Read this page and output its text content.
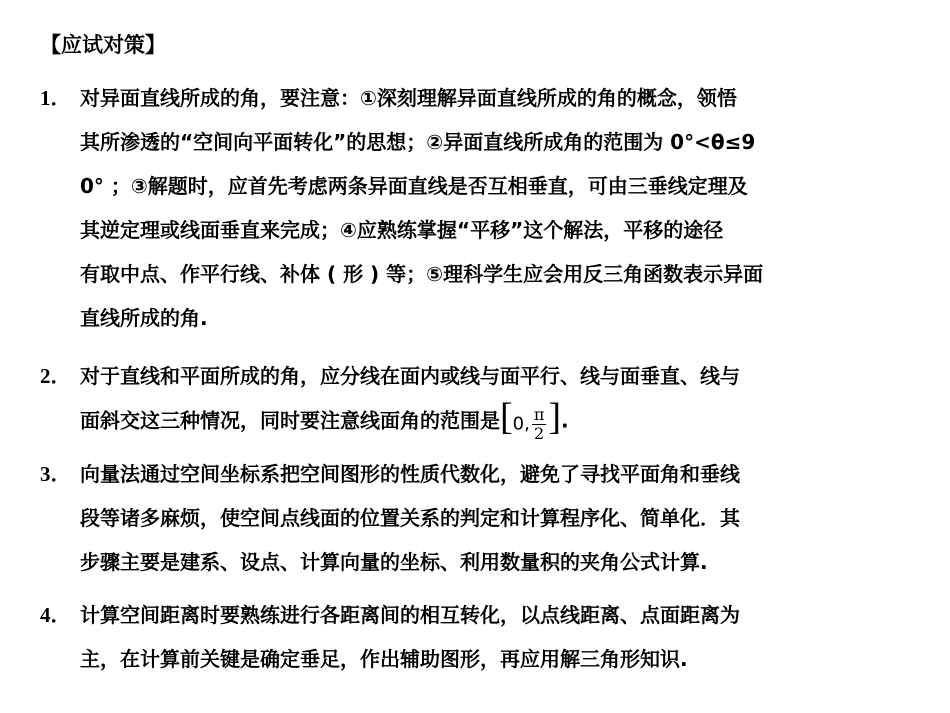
【应试对策】
1． 对异面直线所成的角，要注意：①深刻理解异面直线所成的角的概念，领悟
其所渗透的“空间向平面转化”的思想；②异面直线所成角的范围为 0°<θ≤9
0° ；③解题时，应首先考虑两条异面直线是否互相垂直，可由三垂线定理及
其逆定理或线面垂直来完成；④应熟练掌握“平移”这个解法，平移的途径
有取中点、作平行线、补体 ( 形 ) 等；⑤理科学生应会用反三角函数表示异面
直线所成的角.
2． 对于直线和平面所成的角，应分线在面内或线与面平行、线与面垂直、线与
面斜交这三种情况，同时要注意线面角的范围是[0, $\frac{\pi}{2}$ ].
3． 向量法通过空间坐标系把空间图形的性质代数化，避免了寻找平面角和垂线
段等诸多麻烦，使空间点线面的位置关系的判定和计算程序化、简单化．其
步骤主要是建系、设点、计算向量的坐标、利用数量积的夹角公式计算.
4． 计算空间距离时要熟练进行各距离间的相互转化，以点线距离、点面距离为
主，在计算前关键是确定垂足，作出辅助图形，再应用解三角形知识.
